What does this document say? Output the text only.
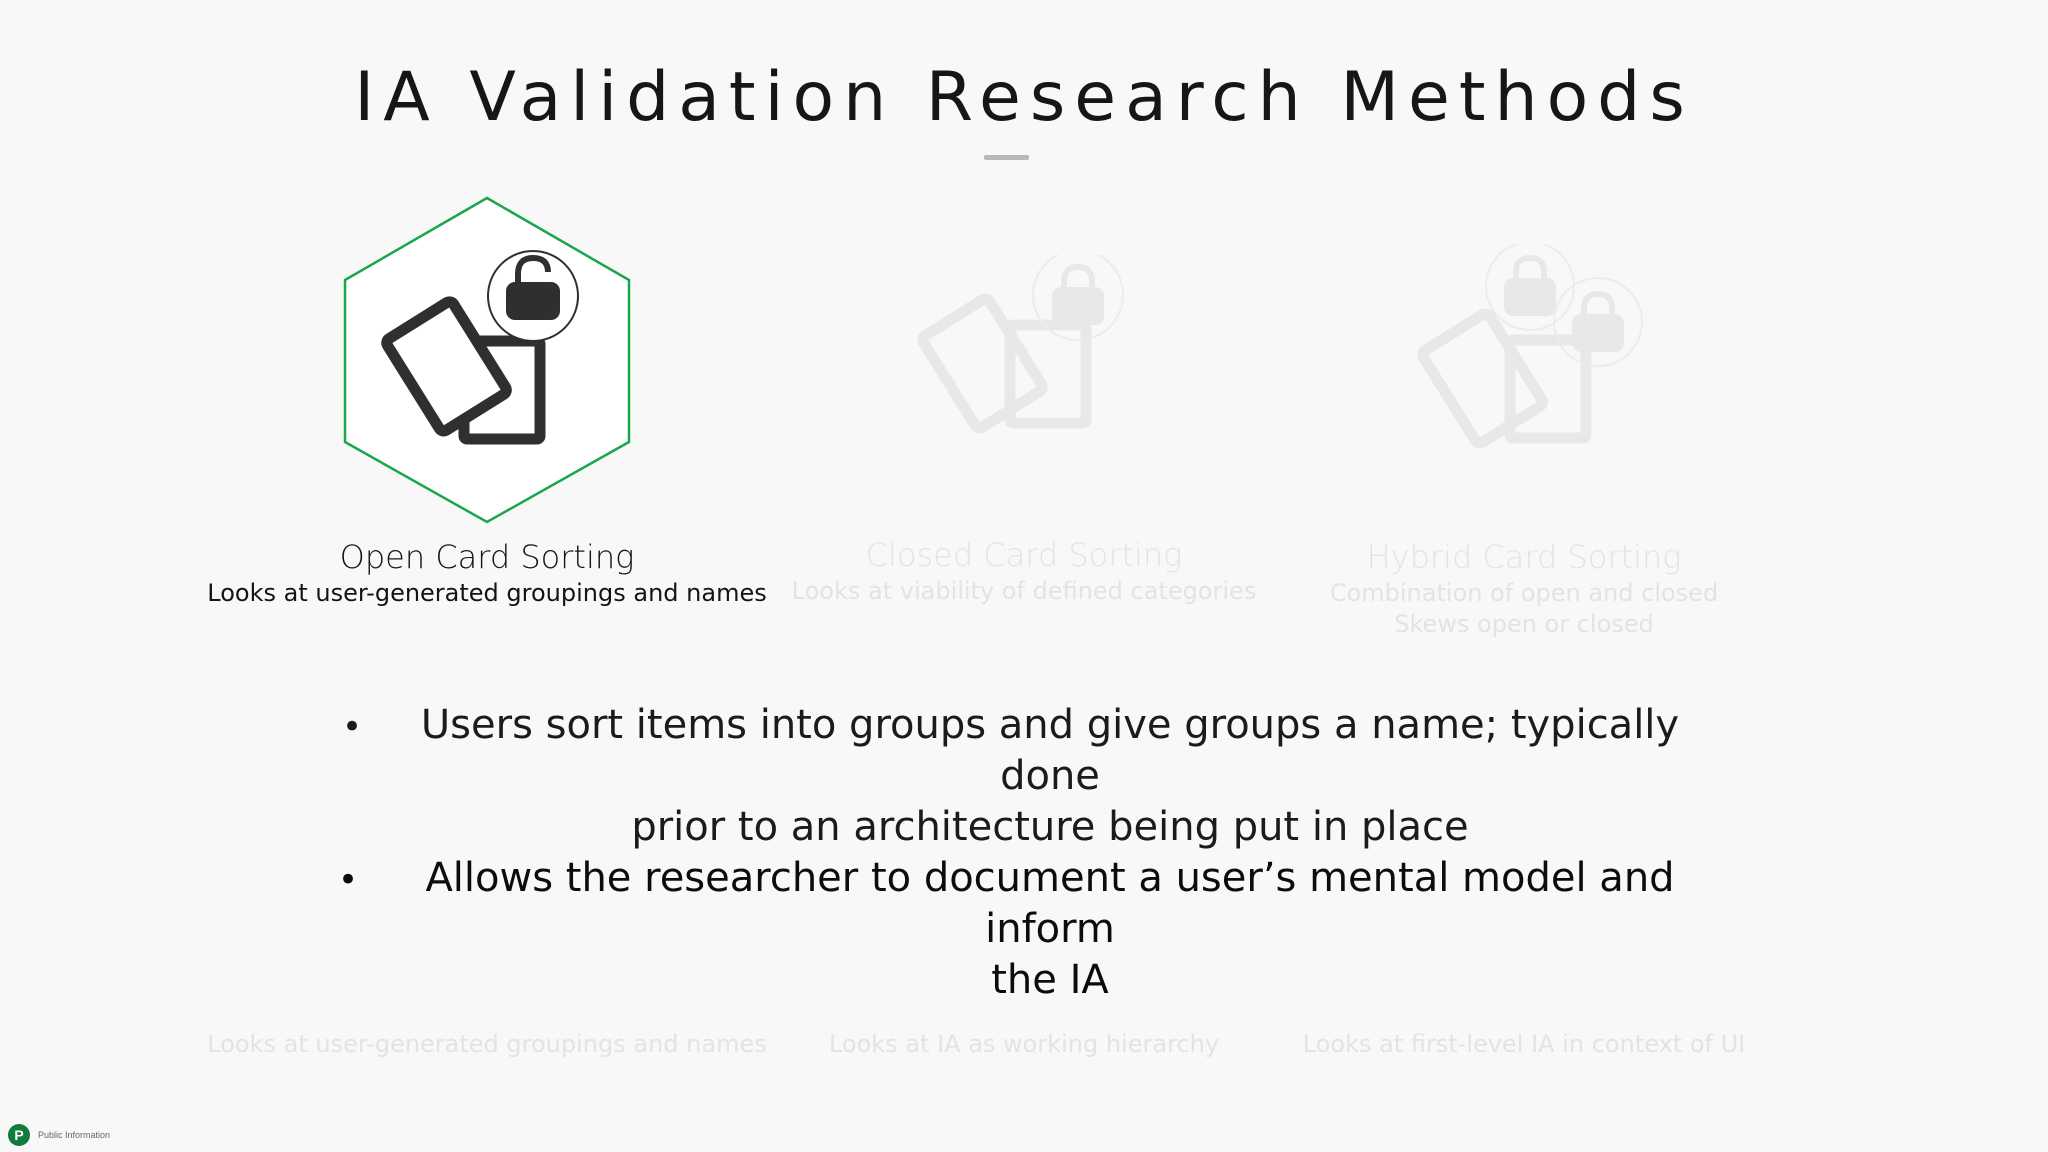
IA Validation Research Methods
Open Card Sorting
Looks at user-generated groupings and names
Closed Card Sorting
Looks at viability of defined categories
Hybrid Card Sorting
Combination of open and closed
Skews open or closed
Looks at user-generated groupings and names	Looks at IA as working hierarchy	Looks at first-level IA in context of UI
•	Users sort items into groups and give groups a name; typically done
prior to an architecture being put in place
•	Allows the researcher to document a user’s mental model and inform
the IA
P	Public Information
